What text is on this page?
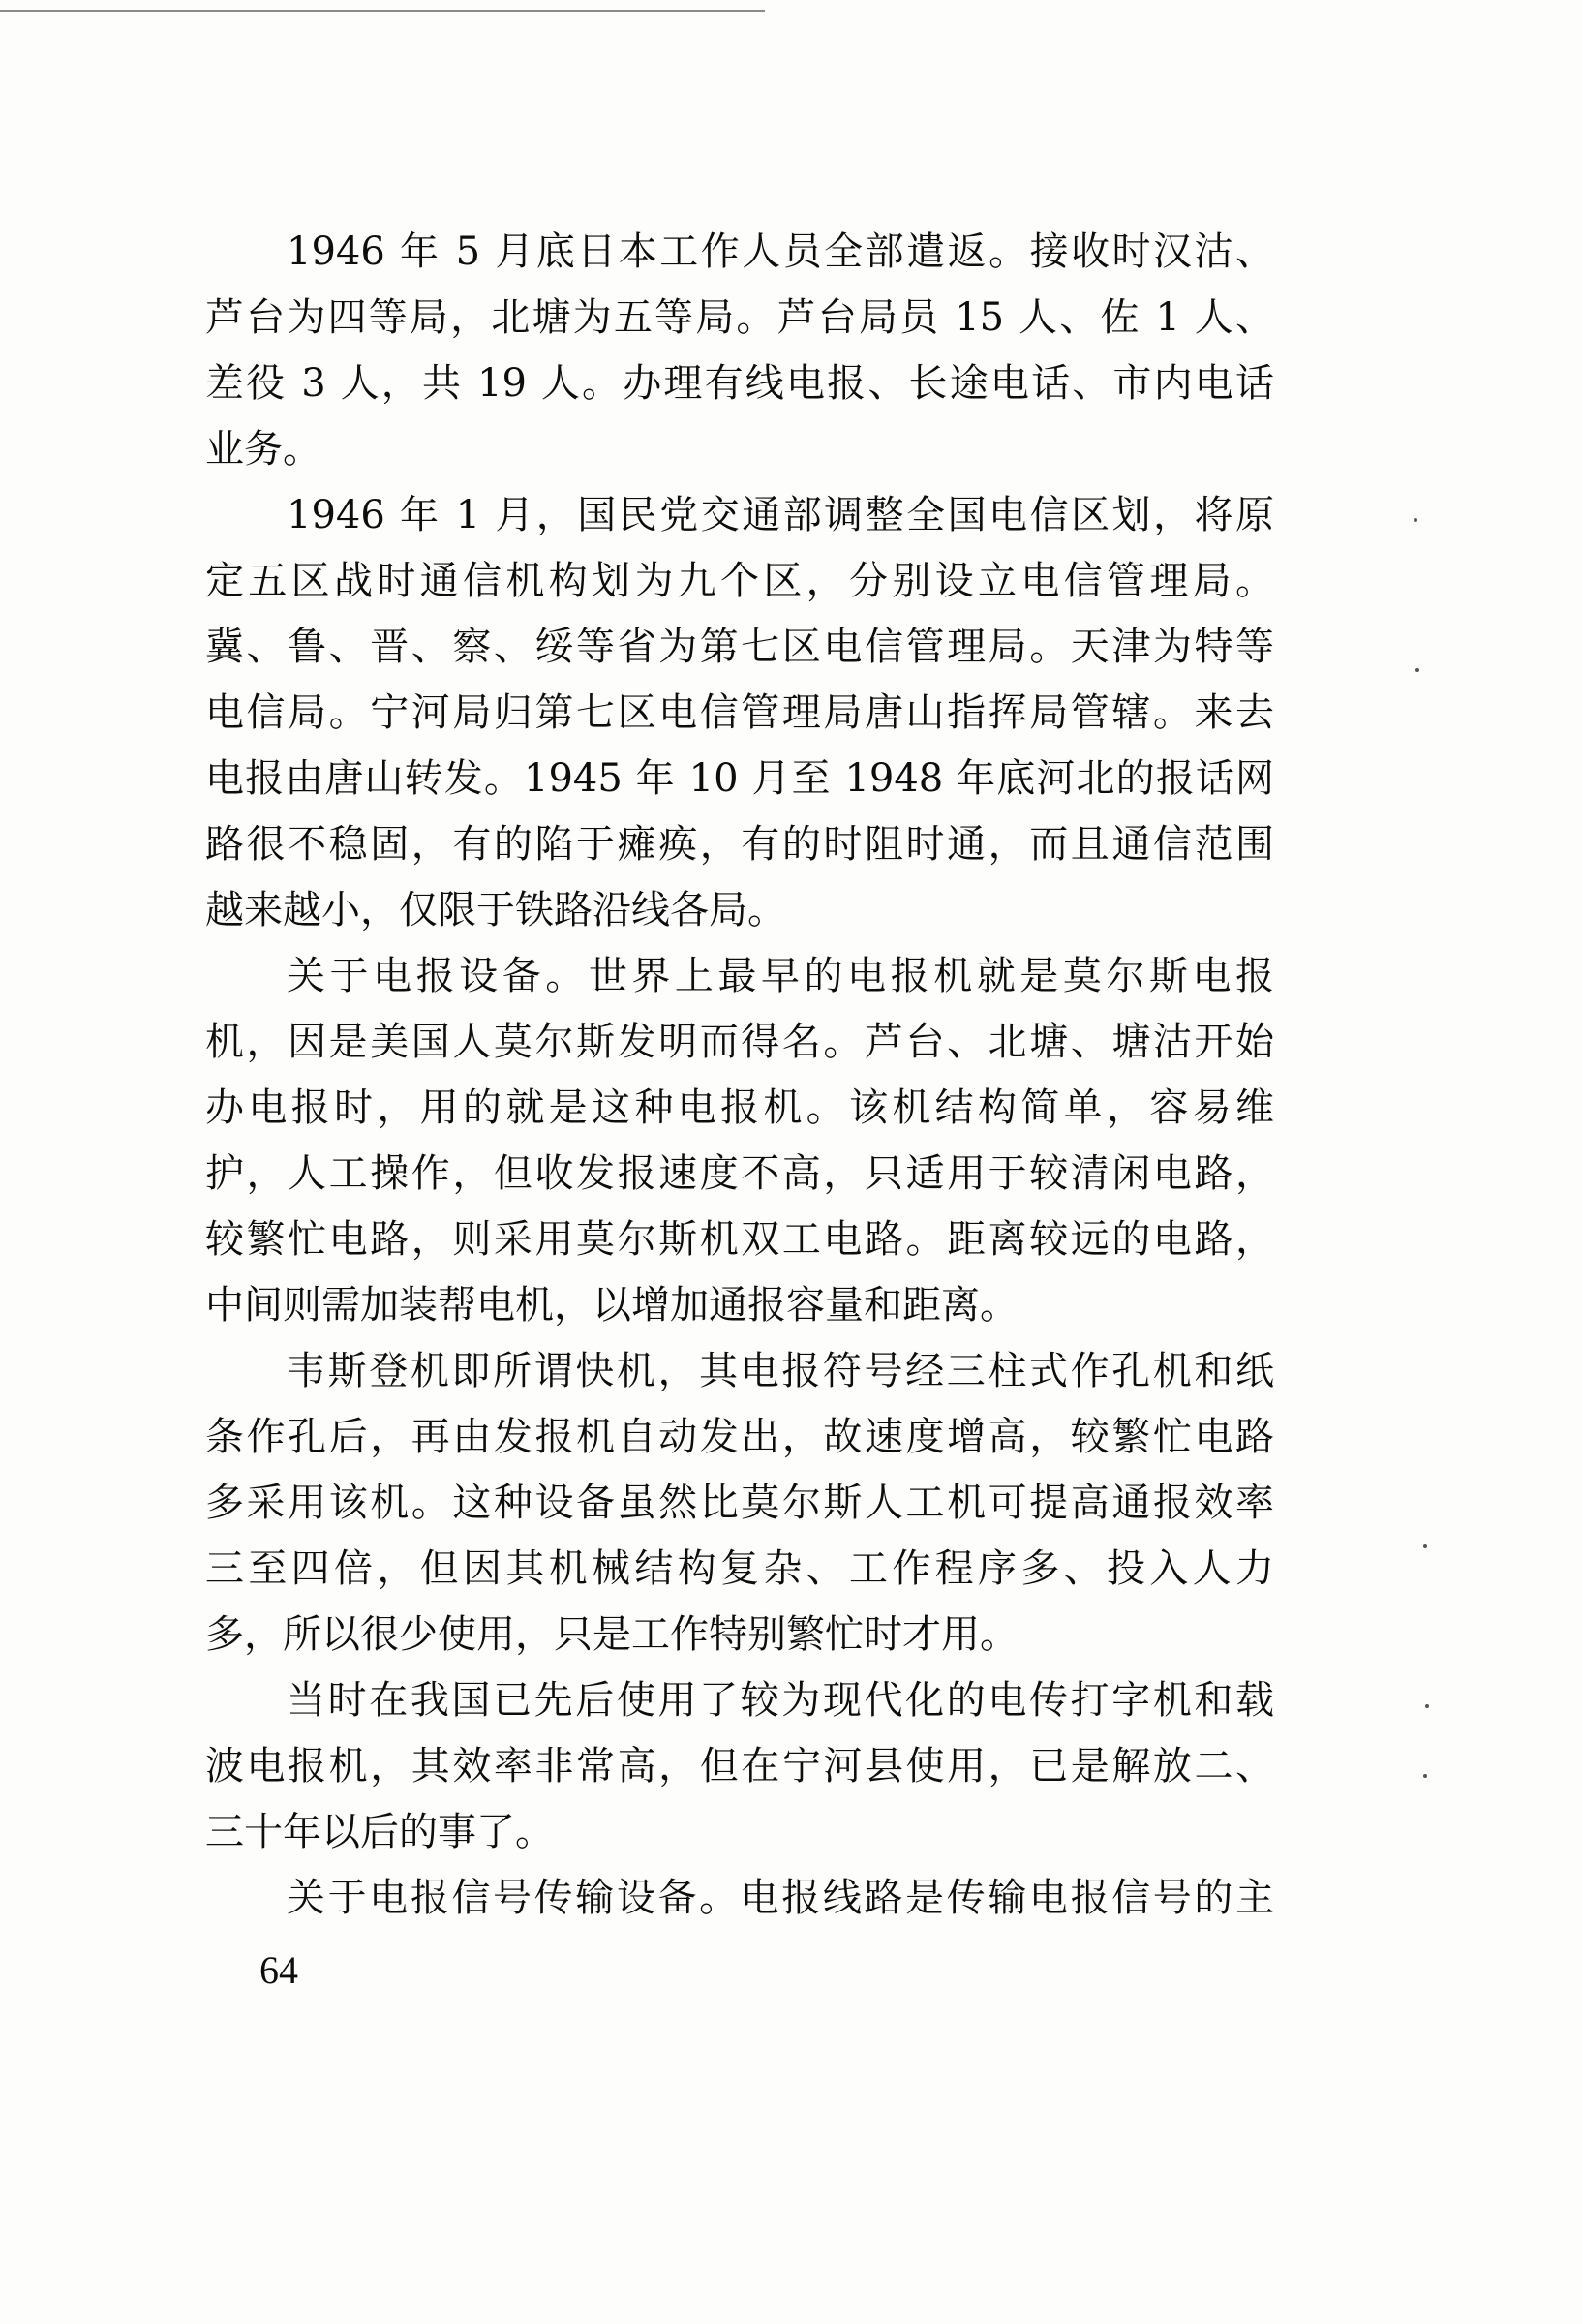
1946 年 5 月底日本工作人员全部遣返。接收时汉沽、
芦台为四等局，北塘为五等局。芦台局员 15 人、佐 1 人、
差役 3 人，共 19 人。办理有线电报、长途电话、市内电话
业务。
1946 年 1 月，国民党交通部调整全国电信区划，将原
定五区战时通信机构划为九个区，分别设立电信管理局。
冀、鲁、晋、察、绥等省为第七区电信管理局。天津为特等
电信局。宁河局归第七区电信管理局唐山指挥局管辖。来去
电报由唐山转发。1945 年 10 月至 1948 年底河北的报话网
路很不稳固，有的陷于瘫痪，有的时阻时通，而且通信范围
越来越小，仅限于铁路沿线各局。
关于电报设备。世界上最早的电报机就是莫尔斯电报
机，因是美国人莫尔斯发明而得名。芦台、北塘、塘沽开始
办电报时，用的就是这种电报机。该机结构简单，容易维
护，人工操作，但收发报速度不高，只适用于较清闲电路，
较繁忙电路，则采用莫尔斯机双工电路。距离较远的电路，
中间则需加装帮电机，以增加通报容量和距离。
韦斯登机即所谓快机，其电报符号经三柱式作孔机和纸
条作孔后，再由发报机自动发出，故速度增高，较繁忙电路
多采用该机。这种设备虽然比莫尔斯人工机可提高通报效率
三至四倍，但因其机械结构复杂、工作程序多、投入人力
多，所以很少使用，只是工作特别繁忙时才用。
当时在我国已先后使用了较为现代化的电传打字机和载
波电报机，其效率非常高，但在宁河县使用，已是解放二、
三十年以后的事了。
关于电报信号传输设备。电报线路是传输电报信号的主
64
